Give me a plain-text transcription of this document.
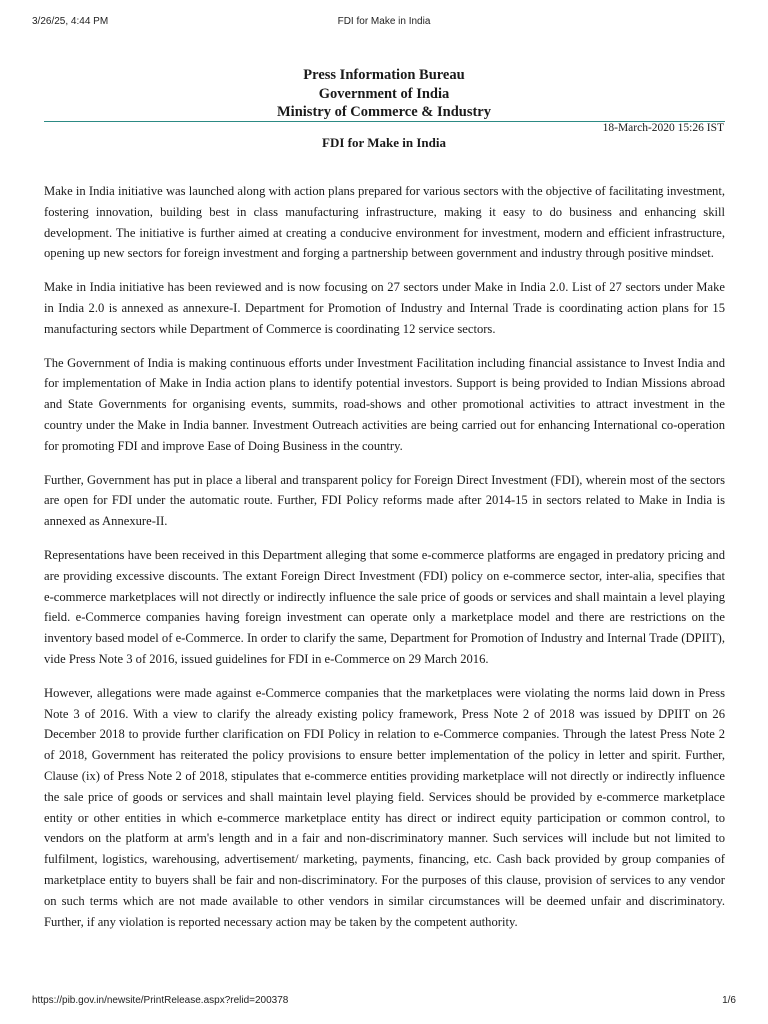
3/26/25, 4:44 PM	FDI for Make in India
Press Information Bureau
Government of India
Ministry of Commerce & Industry
18-March-2020 15:26 IST
FDI for Make in India

Make in India initiative was launched along with action plans prepared for various sectors with the objective of facilitating investment, fostering innovation, building best in class manufacturing infrastructure, making it easy to do business and enhancing skill development. The initiative is further aimed at creating a conducive environment for investment, modern and efficient infrastructure, opening up new sectors for foreign investment and forging a partnership between government and industry through positive mindset.

Make in India initiative has been reviewed and is now focusing on 27 sectors under Make in India 2.0. List of 27 sectors under Make in India 2.0 is annexed as annexure-I. Department for Promotion of Industry and Internal Trade is coordinating action plans for 15 manufacturing sectors while Department of Commerce is coordinating 12 service sectors.

The Government of India is making continuous efforts under Investment Facilitation including financial assistance to Invest India and for implementation of Make in India action plans to identify potential investors. Support is being provided to Indian Missions abroad and State Governments for organising events, summits, road-shows and other promotional activities to attract investment in the country under the Make in India banner. Investment Outreach activities are being carried out for enhancing International co-operation for promoting FDI and improve Ease of Doing Business in the country.

Further, Government has put in place a liberal and transparent policy for Foreign Direct Investment (FDI), wherein most of the sectors are open for FDI under the automatic route. Further, FDI Policy reforms made after 2014-15 in sectors related to Make in India is annexed as Annexure-II.

Representations have been received in this Department alleging that some e-commerce platforms are engaged in predatory pricing and are providing excessive discounts. The extant Foreign Direct Investment (FDI) policy on e-commerce sector, inter-alia, specifies that e-commerce marketplaces will not directly or indirectly influence the sale price of goods or services and shall maintain a level playing field. e-Commerce companies having foreign investment can operate only a marketplace model and there are restrictions on the inventory based model of e-Commerce. In order to clarify the same, Department for Promotion of Industry and Internal Trade (DPIIT), vide Press Note 3 of 2016, issued guidelines for FDI in e-Commerce on 29 March 2016.

However, allegations were made against e-Commerce companies that the marketplaces were violating the norms laid down in Press Note 3 of 2016. With a view to clarify the already existing policy framework, Press Note 2 of 2018 was issued by DPIIT on 26 December 2018 to provide further clarification on FDI Policy in relation to e-Commerce companies. Through the latest Press Note 2 of 2018, Government has reiterated the policy provisions to ensure better implementation of the policy in letter and spirit. Further, Clause (ix) of Press Note 2 of 2018, stipulates that e-commerce entities providing marketplace will not directly or indirectly influence the sale price of goods or services and shall maintain level playing field. Services should be provided by e-commerce marketplace entity or other entities in which e-commerce marketplace entity has direct or indirect equity participation or common control, to vendors on the platform at arm's length and in a fair and non-discriminatory manner. Such services will include but not limited to fulfilment, logistics, warehousing, advertisement/ marketing, payments, financing, etc. Cash back provided by group companies of marketplace entity to buyers shall be fair and non-discriminatory. For the purposes of this clause, provision of services to any vendor on such terms which are not made available to other vendors in similar circumstances will be deemed unfair and discriminatory. Further, if any violation is reported necessary action may be taken by the competent authority.

https://pib.gov.in/newsite/PrintRelease.aspx?relid=200378	1/6
